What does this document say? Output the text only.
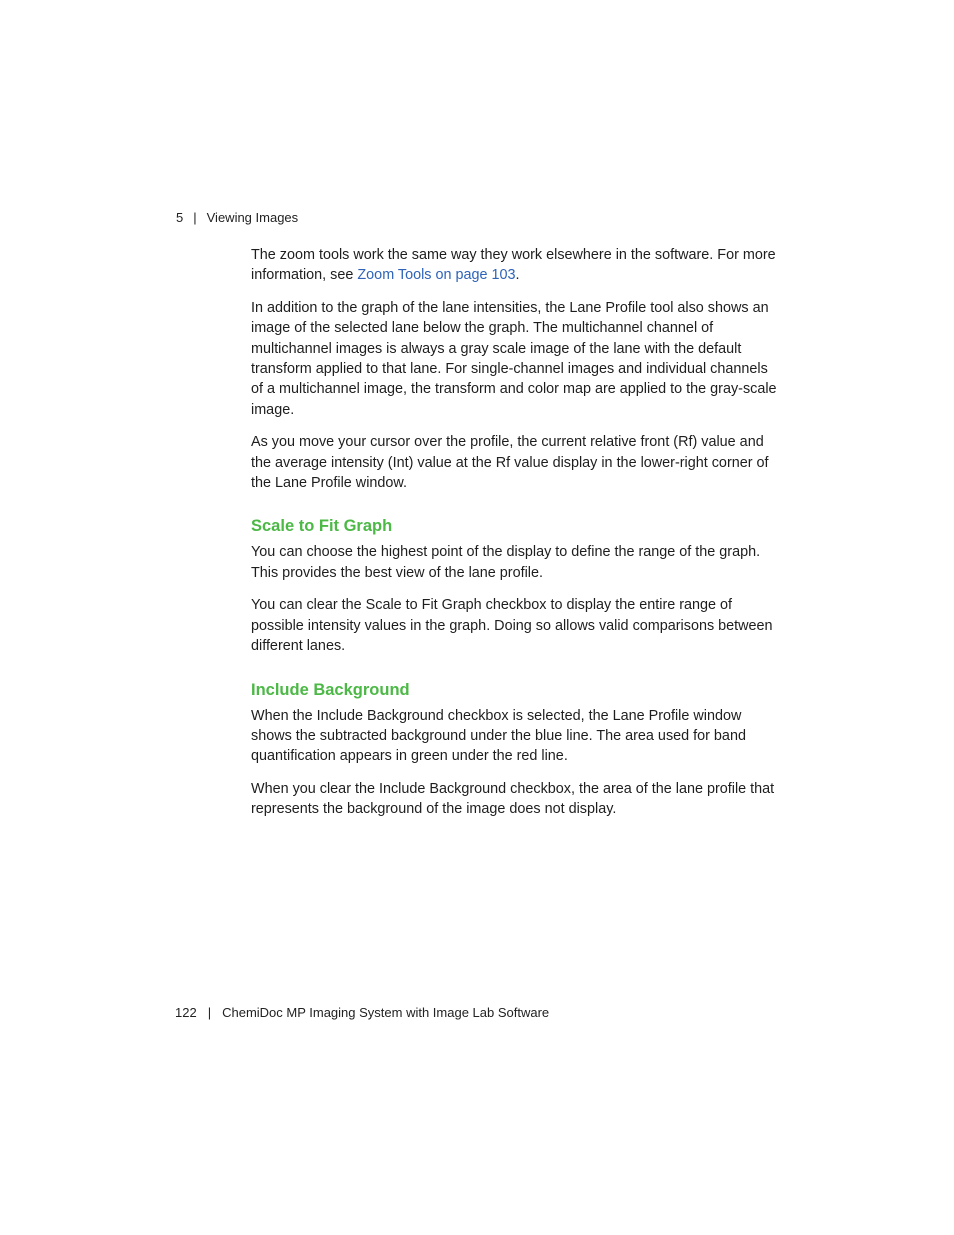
5 | Viewing Images

The zoom tools work the same way they work elsewhere in the software. For more information, see Zoom Tools on page 103.

In addition to the graph of the lane intensities, the Lane Profile tool also shows an image of the selected lane below the graph. The multichannel channel of multichannel images is always a gray scale image of the lane with the default transform applied to that lane. For single-channel images and individual channels of a multichannel image, the transform and color map are applied to the gray-scale image.

As you move your cursor over the profile, the current relative front (Rf) value and the average intensity (Int) value at the Rf value display in the lower-right corner of the Lane Profile window.

Scale to Fit Graph

You can choose the highest point of the display to define the range of the graph. This provides the best view of the lane profile.

You can clear the Scale to Fit Graph checkbox to display the entire range of possible intensity values in the graph. Doing so allows valid comparisons between different lanes.

Include Background

When the Include Background checkbox is selected, the Lane Profile window shows the subtracted background under the blue line. The area used for band quantification appears in green under the red line.

When you clear the Include Background checkbox, the area of the lane profile that represents the background of the image does not display.

122 | ChemiDoc MP Imaging System with Image Lab Software
